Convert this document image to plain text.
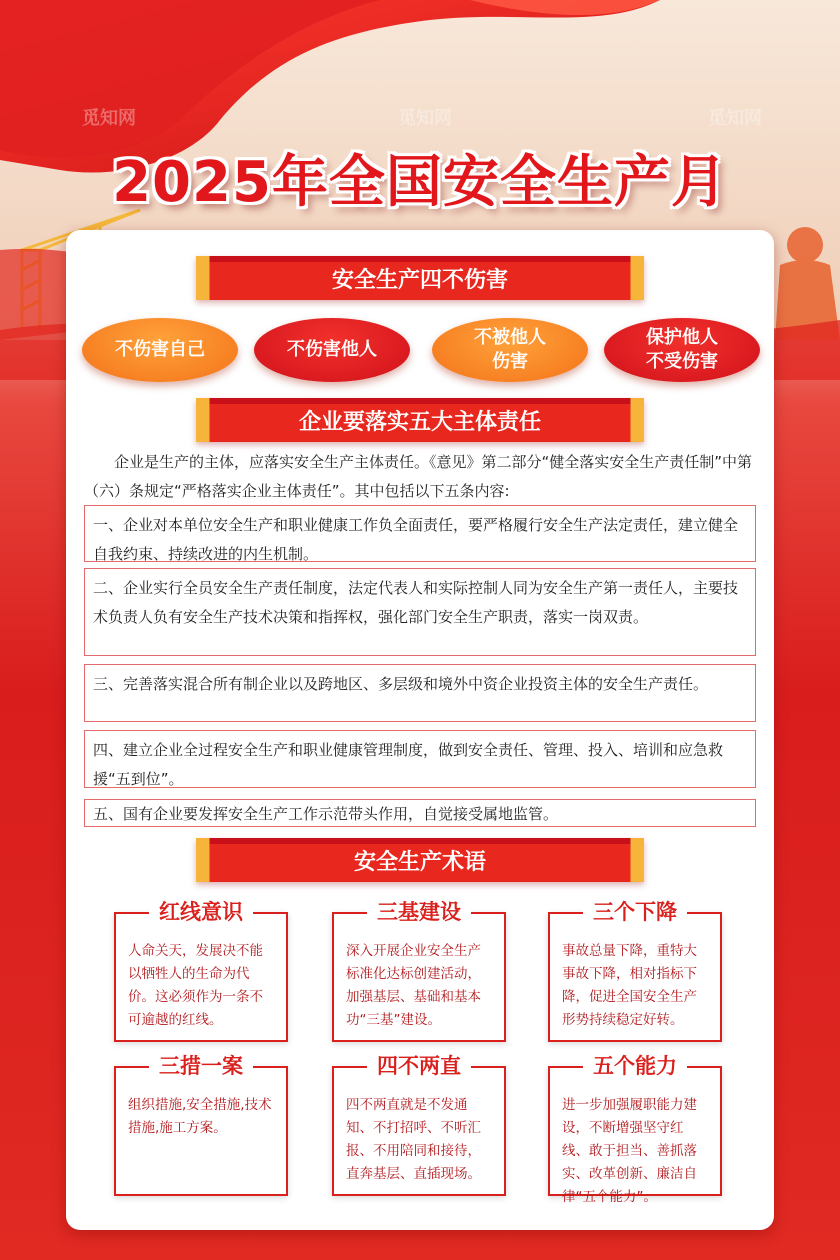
2025年全国安全生产月
觅知网	觅知网	觅知网
安全生产四不伤害
不伤害自己	不伤害他人
不被他人
伤害
保护他人
不受伤害
企业要落实五大主体责任
企业是生产的主体，应落实安全生产主体责任。《意见》第二部分“健全落实安全生产责任制”中第（六）条规定“严格落实企业主体责任”。其中包括以下五条内容:
一、企业对本单位安全生产和职业健康工作负全面责任，要严格履行安全生产法定责任，建立健全自我约束、持续改进的内生机制。
二、企业实行全员安全生产责任制度，法定代表人和实际控制人同为安全生产第一责任人，主要技术负责人负有安全生产技术决策和指挥权，强化部门安全生产职责，落实一岗双责。
三、完善落实混合所有制企业以及跨地区、多层级和境外中资企业投资主体的安全生产责任。
四、建立企业全过程安全生产和职业健康管理制度，做到安全责任、管理、投入、培训和应急救援“五到位”。
五、国有企业要发挥安全生产工作示范带头作用，自觉接受属地监管。
安全生产术语
红线意识
人命关天，发展决不能以牺牲人的生命为代价。这必须作为一条不可逾越的红线。
三基建设
深入开展企业安全生产标准化达标创建活动，加强基层、基础和基本功“三基”建设。
三个下降
事故总量下降，重特大事故下降，相对指标下降，促进全国安全生产形势持续稳定好转。
三措一案
组织措施,安全措施,技术措施,施工方案。
四不两直
四不两直就是不发通知、不打招呼、不听汇报、不用陪同和接待，直奔基层、直插现场。
五个能力
进一步加强履职能力建设，不断增强坚守红线、敢于担当、善抓落实、改革创新、廉洁自律“五个能力”。
